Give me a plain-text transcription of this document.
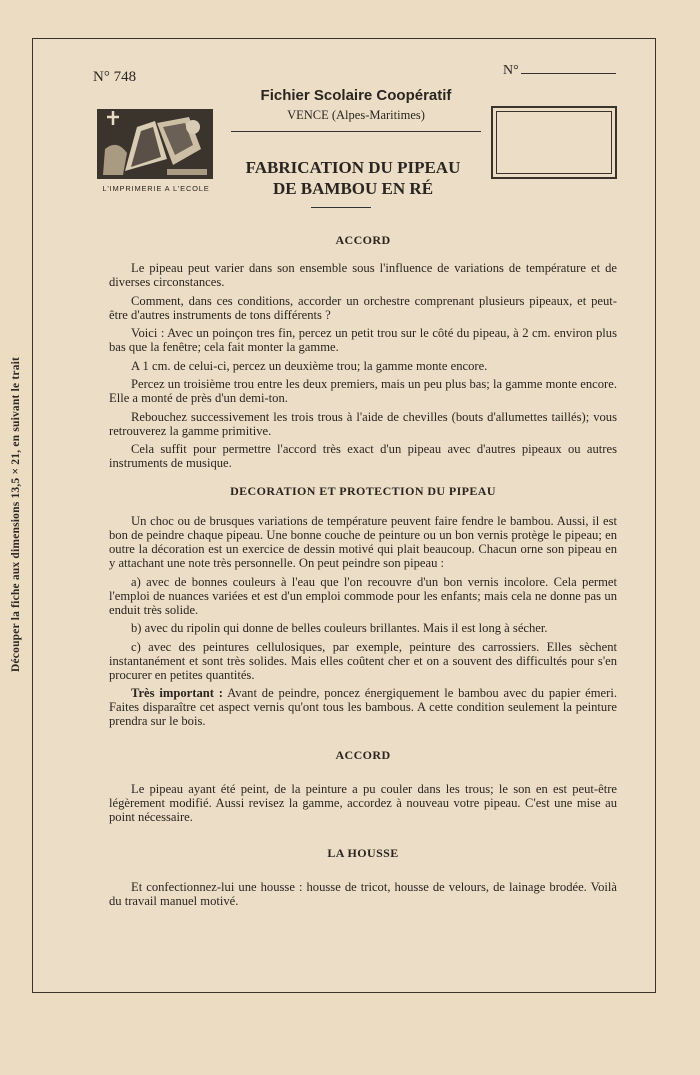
Découper la fiche aux dimensions 13,5 × 21, en suivant le trait
N° 748	N°
L'IMPRIMERIE A L'ECOLE
Fichier Scolaire Coopératif
VENCE (Alpes-Maritimes)
FABRICATION DU PIPEAU
DE BAMBOU EN RÉ
ACCORD

Le pipeau peut varier dans son ensemble sous l'influence de variations de température et de diverses circonstances.

Comment, dans ces conditions, accorder un orchestre comprenant plusieurs pipeaux, et peut-être d'autres instruments de tons différents ?

Voici : Avec un poinçon tres fin, percez un petit trou sur le côté du pipeau, à 2 cm. environ plus bas que la fenêtre; cela fait monter la gamme.

A 1 cm. de celui-ci, percez un deuxième trou; la gamme monte encore.

Percez un troisième trou entre les deux premiers, mais un peu plus bas; la gamme monte encore. Elle a monté de près d'un demi-ton.

Rebouchez successivement les trois trous à l'aide de chevilles (bouts d'allumettes taillés); vous retrouverez la gamme primitive.

Cela suffit pour permettre l'accord très exact d'un pipeau avec d'autres pipeaux ou autres instruments de musique.

DECORATION ET PROTECTION DU PIPEAU

Un choc ou de brusques variations de température peuvent faire fendre le bambou. Aussi, il est bon de peindre chaque pipeau. Une bonne couche de peinture ou un bon vernis protège le pipeau; en outre la décoration est un exercice de dessin motivé qui plait beaucoup. Chacun orne son pipeau en y attachant une note très personnelle. On peut peindre son pipeau :

a) avec de bonnes couleurs à l'eau que l'on recouvre d'un bon vernis incolore. Cela permet l'emploi de nuances variées et est d'un emploi commode pour les enfants; mais cela ne donne pas un enduit très solide.

b) avec du ripolin qui donne de belles couleurs brillantes. Mais il est long à sécher.

c) avec des peintures cellulosiques, par exemple, peinture des carrossiers. Elles sèchent instantanément et sont très solides. Mais elles coûtent cher et on a souvent des difficultés pour s'en procurer en petites quantités.

Très important : Avant de peindre, poncez énergiquement le bambou avec du papier émeri. Faites disparaître cet aspect vernis qu'ont tous les bambous. A cette condition seulement la peinture prendra sur le bois.

ACCORD

Le pipeau ayant été peint, de la peinture a pu couler dans les trous; le son en est peut-être légèrement modifié. Aussi revisez la gamme, accordez à nouveau votre pipeau. C'est une mise au point nécessaire.

LA HOUSSE

Et confectionnez-lui une housse : housse de tricot, housse de velours, de lainage brodée. Voilà du travail manuel motivé.
